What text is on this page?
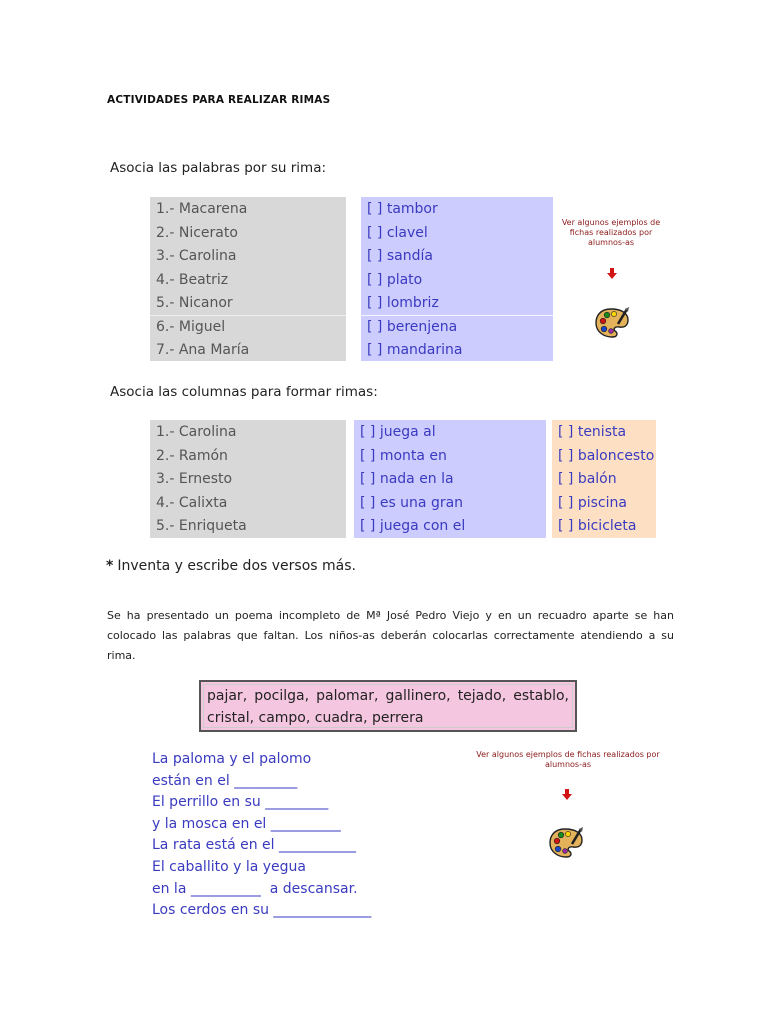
ACTIVIDADES PARA REALIZAR RIMAS
Asocia las palabras por su rima:
1.- Macarena
2.- Nicerato
3.- Carolina
4.- Beatriz
5.- Nicanor
6.- Miguel
7.- Ana María
[ ] tambor
[ ] clavel
[ ] sandía
[ ] plato
[ ] lombriz
[ ] berenjena
[ ] mandarina
Ver algunos ejemplos de fichas realizados por alumnos-as
Asocia las columnas para formar rimas:
1.- Carolina
2.- Ramón
3.- Ernesto
4.- Calixta
5.- Enriqueta
[ ] juega al
[ ] monta en
[ ] nada en la
[ ] es una gran
[ ] juega con el
[ ] tenista
[ ] baloncesto
[ ] balón
[ ] piscina
[ ] bicicleta
* Inventa y escribe dos versos más.
Se ha presentado un poema incompleto de Mª José Pedro Viejo y en un recuadro aparte se han colocado las palabras que faltan. Los niños-as deberán colocarlas correctamente atendiendo a su rima.
pajar, pocilga, palomar, gallinero, tejado, establo, cristal, campo, cuadra, perrera
La paloma y el palomo
están en el _________
El perrillo en su _________
y la mosca en el __________
La rata está en el ___________
El caballito y la yegua
en la __________  a descansar.
Los cerdos en su ______________
Ver algunos ejemplos de fichas realizados por alumnos-as
